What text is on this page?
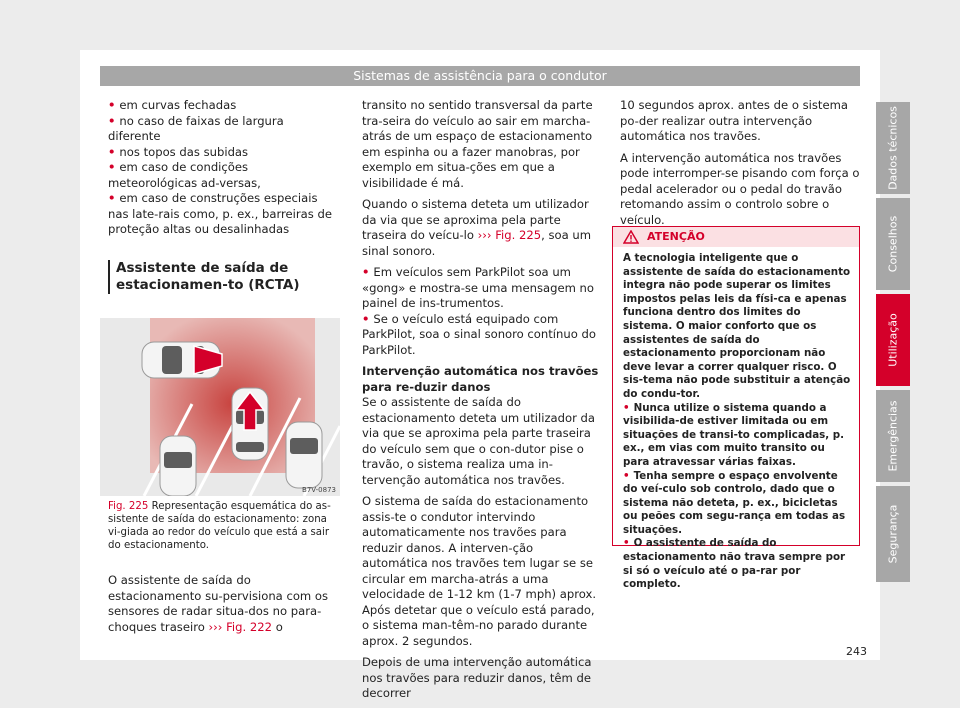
Sistemas de assistência para o condutor

• em curvas fechadas

• no caso de faixas de largura diferente

• nos topos das subidas

• em caso de condições meteorológicas ad-versas,

• em caso de construções especiais nas late-rais como, p. ex., barreiras de proteção altas ou desalinhadas

Assistente de saída de estacionamen-to (RCTA)
B7V-0873
Fig. 225 Representação esquemática do as-sistente de saída do estacionamento: zona vi-giada ao redor do veículo que está a sair do estacionamento.
O assistente de saída do estacionamento su-pervisiona com os sensores de radar situa-dos no para-choques traseiro ››› Fig. 222 o

transito no sentido transversal da parte tra-seira do veículo ao sair em marcha-atrás de um espaço de estacionamento em espinha ou a fazer manobras, por exemplo em situa-ções em que a visibilidade é má.

Quando o sistema deteta um utilizador da via que se aproxima pela parte traseira do veícu-lo ››› Fig. 225, soa um sinal sonoro.

• Em veículos sem ParkPilot soa um «gong» e mostra-se uma mensagem no painel de ins-trumentos.

• Se o veículo está equipado com ParkPilot, soa o sinal sonoro contínuo do ParkPilot.

Intervenção automática nos travões para re-duzir danos

Se o assistente de saída do estacionamento deteta um utilizador da via que se aproxima pela parte traseira do veículo sem que o con-dutor pise o travão, o sistema realiza uma in-tervenção automática nos travões.

O sistema de saída do estacionamento assis-te o condutor intervindo automaticamente nos travões para reduzir danos. A interven-ção automática nos travões tem lugar se se circular em marcha-atrás a uma velocidade de 1-12 km (1-7 mph) aprox. Após detetar que o veículo está parado, o sistema man-têm-no parado durante aprox. 2 segundos.

Depois de uma intervenção automática nos travões para reduzir danos, têm de decorrer

10 segundos aprox. antes de o sistema po-der realizar outra intervenção automática nos travões.

A intervenção automática nos travões pode interromper-se pisando com força o pedal acelerador ou o pedal do travão retomando assim o controlo sobre o veículo.

ATENÇÃO

A tecnologia inteligente que o assistente de saída do estacionamento integra não pode superar os limites impostos pelas leis da físi-ca e apenas funciona dentro dos limites do sistema. O maior conforto que os assistentes de saída do estacionamento proporcionam não deve levar a correr qualquer risco. O sis-tema não pode substituir a atenção do condu-tor.

• Nunca utilize o sistema quando a visibilida-de estiver limitada ou em situações de transi-to complicadas, p. ex., em vias com muito transito ou para atravessar várias faixas.

• Tenha sempre o espaço envolvente do veí-culo sob controlo, dado que o sistema não deteta, p. ex., bicicletas ou peões com segu-rança em todas as situações.

• O assistente de saída do estacionamento não trava sempre por si só o veículo até o pa-rar por completo.

Dados técnicos
Conselhos
Utilização
Emergências
Segurança
243
